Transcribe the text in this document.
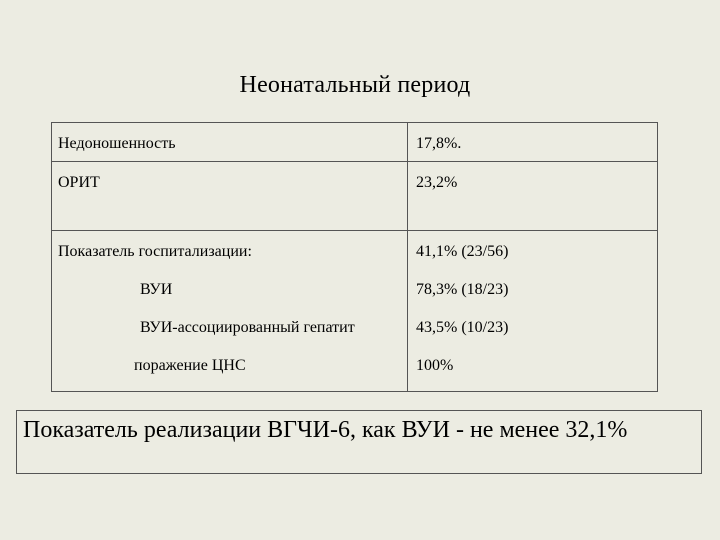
Неонатальный период
Недоношенность	17,8%.

ОРИТ	23,2%

Показатель госпитализации:	41,1% (23/56)

ВУИ	78,3% (18/23)

ВУИ-ассоциированный гепатит	43,5% (10/23)

поражение ЦНС	100%
Показатель реализации ВГЧИ-6, как ВУИ - не менее 32,1%
